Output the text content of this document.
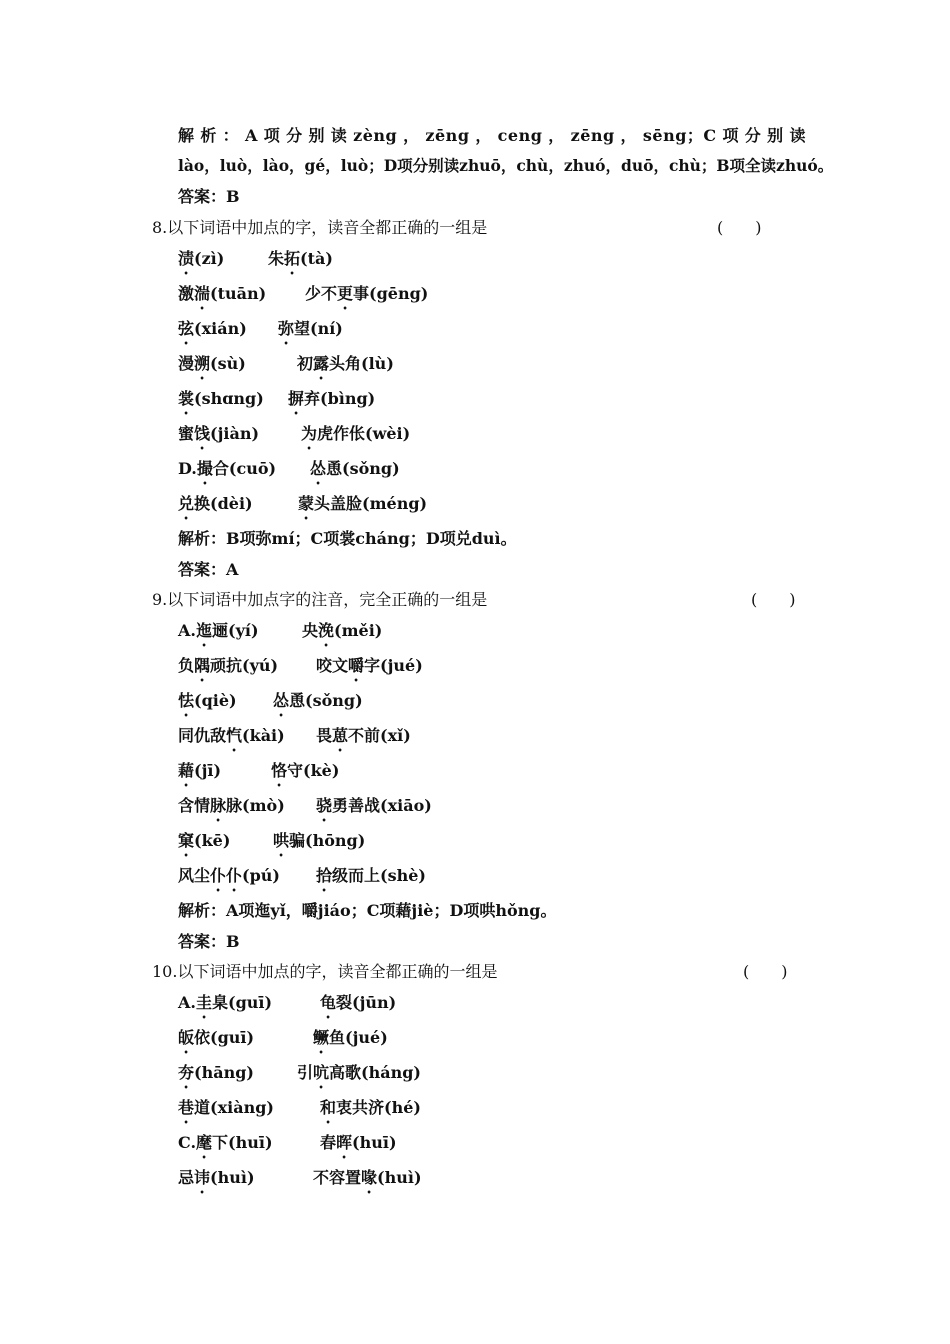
解析：A项分别读zèng，zēng，ceng，zēng，sēng；C项分别读
lào，luò，lào，gé，luò；D项分别读zhuō，chù，zhuó，duō，chù；B项全读zhuó。
答案：B
8.以下词语中加点的字，读音全都正确的一组是	(　　)
渍(zì)	朱拓(tà)
激湍(tuān) 少不更事(gēng)
弦(xián) 弥望(ní)
漫溯(sù)	初露头角(lù)
裳(shɑng) 摒弃(bìng)
蜜饯(jiàn)	为虎作伥(wèi)
D.撮合(cuō) 怂恿(sǒng)
兑换(dèi)	蒙头盖脸(méng)
解析：B项弥mí；C项裳cháng；D项兑duì。
答案：A
9.以下词语中加点字的注音，完全正确的一组是	(　　)
A.迤逦(yí)	央浼(měi)
负隅顽抗(yú) 咬文嚼字(jué)
怯(qiè) 怂恿(sǒng)
同仇敌忾(kài) 畏葸不前(xǐ)
藉(jī)	恪守(kè)
含情脉脉(mò) 骁勇善战(xiāo)
窠(kē)	哄骗(hōng)
风尘仆仆(pú) 拾级而上(shè)
解析：A项迤yǐ，嚼jiáo；C项藉jiè；D项哄hǒng。
答案：B
10.以下词语中加点的字，读音全都正确的一组是	(　　)
A.圭臬(guī)	龟裂(jūn)
皈依(guī)	鳜鱼(jué)
夯(hāng)	引吭高歌(háng)
巷道(xiàng)	和衷共济(hé)
C.麾下(huī)	春晖(huī)
忌讳(huì)	不容置喙(huì)
